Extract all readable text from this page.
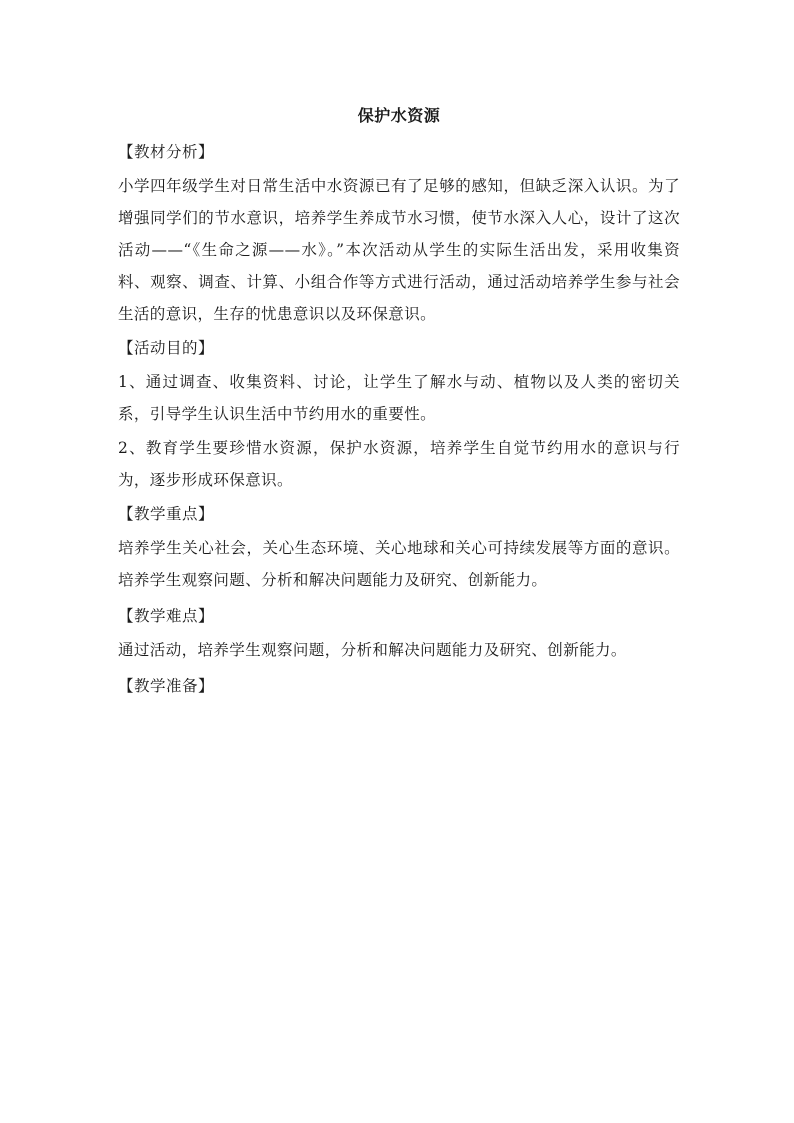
保护水资源
【教材分析】

小学四年级学生对日常生活中水资源已有了足够的感知，但缺乏深入认识。为了增强同学们的节水意识，培养学生养成节水习惯，使节水深入人心，设计了这次活动——“《生命之源——水》。”本次活动从学生的实际生活出发，采用收集资料、观察、调查、计算、小组合作等方式进行活动，通过活动培养学生参与社会生活的意识，生存的忧患意识以及环保意识。

【活动目的】

1、通过调查、收集资料、讨论，让学生了解水与动、植物以及人类的密切关系，引导学生认识生活中节约用水的重要性。

2、教育学生要珍惜水资源，保护水资源，培养学生自觉节约用水的意识与行为，逐步形成环保意识。

【教学重点】

培养学生关心社会，关心生态环境、关心地球和关心可持续发展等方面的意识。培养学生观察问题、分析和解决问题能力及研究、创新能力。

【教学难点】

通过活动，培养学生观察问题，分析和解决问题能力及研究、创新能力。

【教学准备】
